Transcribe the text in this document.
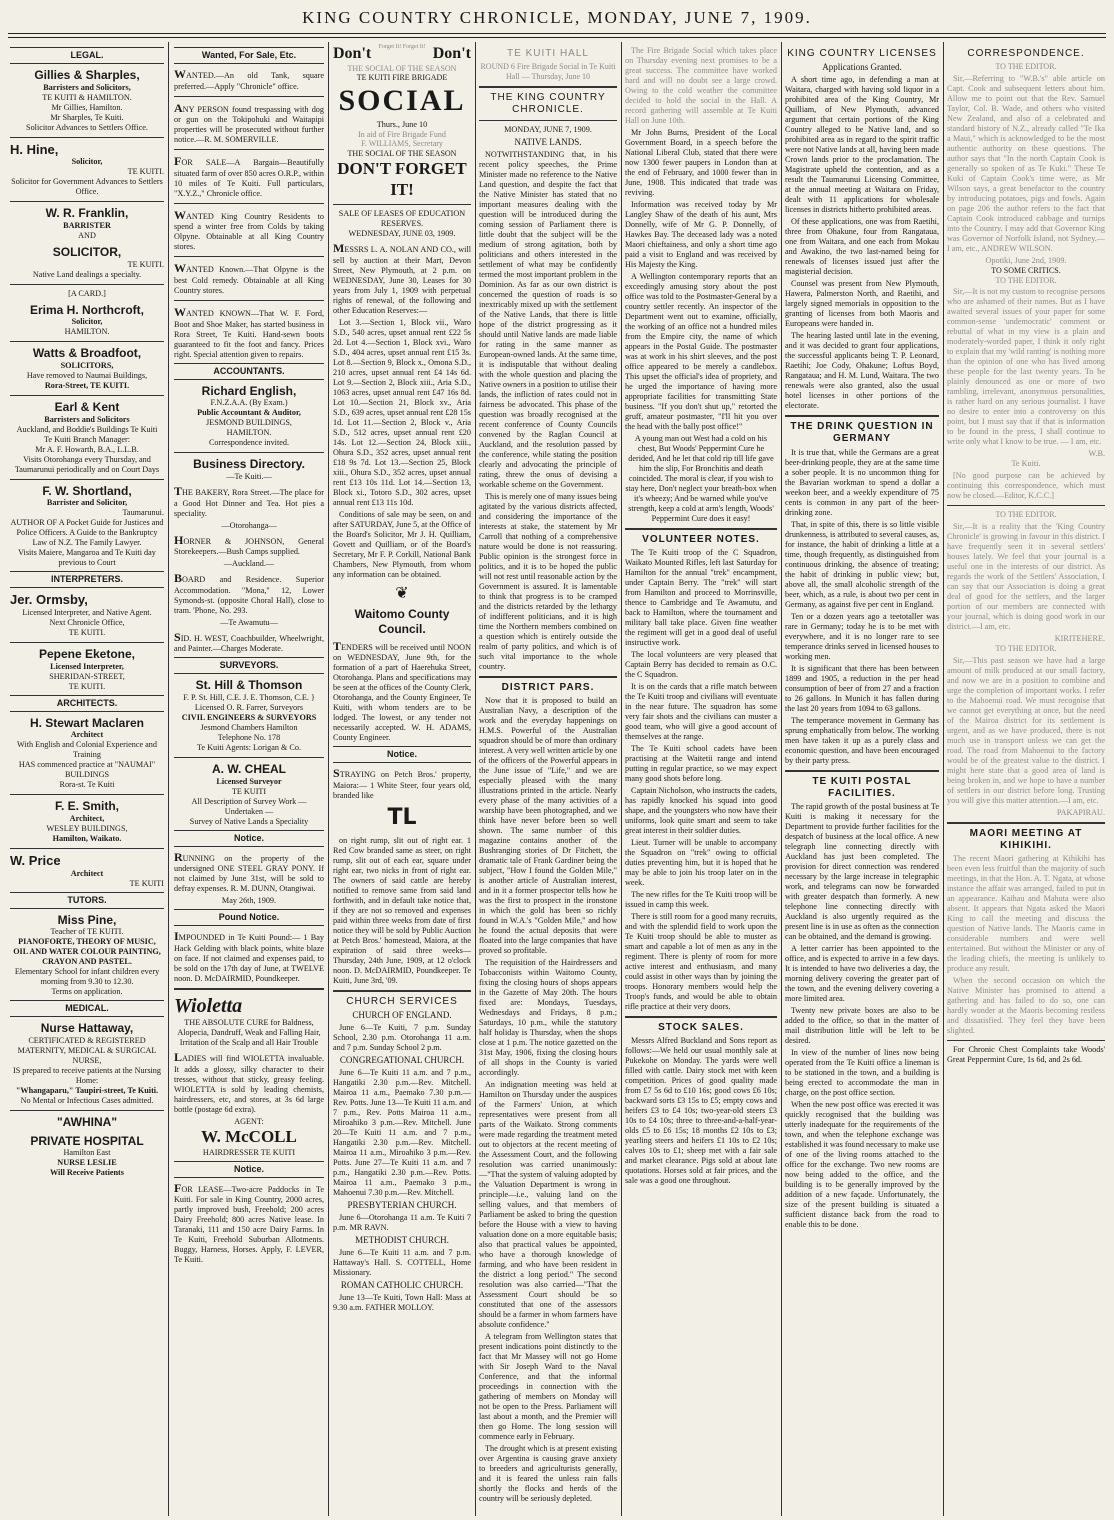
KING COUNTRY CHRONICLE, MONDAY, JUNE 7, 1909.
LEGAL.
Gillies & Sharples,
Barristers and Solicitors,
TE KUITI & HAMILTON.
Mr Gillies, Hamilton.
Mr Sharples, Te Kuiti.
Solicitor Advances to Settlers Office.
H. Hine,
Solicitor,
TE KUITI.
Solicitor for Government Advances to Settlers Office.
W. R. Franklin,
BARRISTER
AND
SOLICITOR,
TE KUITI.
Native Land dealings a specialty.
[A CARD.]
Erima H. Northcroft,
Solicitor,
HAMILTON.
Watts & Broadfoot,
SOLICITORS,
Have removed to Naumai Buildings,
Rora-Street, TE KUITI.
Earl & Kent
Barristers and Solicitors
Auckland, and Boddie's Buildings Te Kuiti
Te Kuiti Branch Manager:
Mr A. F. Howarth, B.A., L.L.B.
Visits Otorohanga every Thursday, and Taumarunui periodically and on Court Days
F. W. Shortland,
Barrister and Solicitor,
Taumarunui.
AUTHOR OF A Pocket Guide for Justices and Police Officers. A Guide to the Bankruptcy Law of N.Z. The Family Lawyer.
Visits Maiere, Mangaroa and Te Kuiti day previous to Court
INTERPRETERS.
Jer. Ormsby,
Licensed Interpreter, and Native Agent.
Next Chronicle Office,
TE KUITI.
Pepene Eketone,
Licensed Interpreter,
SHERIDAN-STREET,
TE KUITI.
ARCHITECTS.
H. Stewart Maclaren
Architect
With English and Colonial Experience and Training
HAS commenced practice at "NAUMAI" BUILDINGS
Rora-st. Te Kuiti
F. E. Smith,
Architect,
WESLEY BUILDINGS,
Hamilton, Waikato.
W. Price
Architect
TE KUITI
TUTORS.
Miss Pine,
Teacher of TE KUITI.
PIANOFORTE, THEORY OF MUSIC, OIL AND WATER COLOUR PAINTING, CRAYON AND PASTEL.
Elementary School for infant children every morning from 9.30 to 12.30.
Terms on application.
MEDICAL.
Nurse Hattaway,
CERTIFICATED & REGISTERED MATERNITY, MEDICAL & SURGICAL NURSE,
IS prepared to receive patients at the Nursing Home:
"Whangaparu," Taupiri-street, Te Kuiti.
No Mental or Infectious Cases admitted.
"AWHINA"
PRIVATE HOSPITAL
Hamilton East
NURSE LESLIE
Will Receive Patients
Wanted, For Sale, Etc.
WANTED.—An old Tank, square preferred.—Apply "Chronicle" office.
ANY PERSON found trespassing with dog or gun on the Tokipohuki and Waitapipi properties will be prosecuted without further notice.—R. M. SOMERVILLE.
FOR SALE—A Bargain—Beautifully situated farm of over 850 acres O.R.P., within 10 miles of Te Kuiti. Full particulars, "X.Y.Z.," Chronicle office.
WANTED King Country Residents to spend a winter free from Colds by taking Olpyne. Obtainable at all King Country stores.
WANTED Known.—That Olpyne is the best Cold remedy. Obtainable at all King Country stores.
WANTED KNOWN—That W. F. Ford, Boot and Shoe Maker, has started business in Rora Street, Te Kuiti. Hand-sewn boots guaranteed to fit the foot and fancy. Prices right. Special attention given to repairs.
ACCOUNTANTS.
Richard English,
F.N.Z.A.A. (By Exam.)
Public Accountant & Auditor,
JESMOND BUILDINGS,
HAMILTON.
Correspondence invited.
Business Directory.
—Te Kuiti.—
THE BAKERY, Rora Street.—The place for a Good Hot Dinner and Tea. Hot pies a speciality.
—Otorohanga—
HORNER & JOHNSON, General Storekeepers.—Bush Camps supplied.
—Auckland.—
BOARD and Residence. Superior Accommodation. "Mona," 12, Lower Symonds-st. (opposite Choral Hall), close to tram. 'Phone, No. 293.
—Te Awamutu—
SID. H. WEST, Coachbuilder, Wheelwright, and Painter.—Charges Moderate.
SURVEYORS.
St. Hill & Thomson
F. P. St. Hill, C.E. J. E. Thomson, C.E. } Licensed O. R. Farrer, Surveyors
CIVIL ENGINEERS & SURVEYORS
Jesmond Chambers Hamilton
Telephone No. 178
Te Kuiti Agents: Lorigan & Co.
A. W. CHEAL
Licensed Surveyor
TE KUITI
All Description of Survey Work — Undertaken —
Survey of Native Lands a Speciality
Notice.
RUNNING on the property of the undersigned ONE STEEL GRAY PONY. If not claimed by June 31st, will be sold to defray expenses. R. M. DUNN, Otangiwai.
May 26th, 1909.
Pound Notice.
IMPOUNDED in Te Kuiti Pound:— 1 Bay Hack Gelding with black points, white blaze on face. If not claimed and expenses paid, to be sold on the 17th day of June, at TWELVE noon. D. McDAIRMID, Poundkeeper.
Wioletta
THE ABSOLUTE CURE for Baldness, Alopecia, Dandruff, Weak and Falling Hair, Irritation of the Scalp and all Hair Trouble
LADIES will find WIOLETTA invaluable. It adds a glossy, silky character to their tresses, without that sticky, greasy feeling. WIOLETTA is sold by leading chemists, hairdressers, etc, and stores, at 3s 6d large bottle (postage 6d extra).
AGENT:
W. McCOLL
HAIRDRESSER TE KUITI
Notice.
FOR LEASE—Two-acre Paddocks in Te Kuiti. For sale in King Country, 2000 acres, partly improved bush, Freehold; 200 acres Dairy Freehold; 800 acres Native lease. In Taranaki, 111 and 150 acre Dairy Farms. In Te Kuiti, Freehold Suburban Allotments. Buggy, Harness, Horses. Apply, F. LEVER, Te Kuiti.
Don't Forget It! Forget It! Don't
THE SOCIAL OF THE SEASON
TE KUITI FIRE BRIGADE
SOCIAL
Thurs., June 10
In aid of Fire Brigade Fund
F. WILLIAMS, Secretary
THE SOCIAL OF THE SEASON
DON'T FORGET IT!
SALE OF LEASES OF EDUCATION RESERVES.
WEDNESDAY, JUNE 03, 1909.
MESSRS L. A. NOLAN AND CO., will sell by auction at their Mart, Devon Street, New Plymouth, at 2 p.m. on WEDNESDAY, June 30, Leases for 30 years from July 1, 1909 with perpetual rights of renewal, of the following and other Education Reserves:—

Lot 3.—Section 1, Block vii., Waro S.D., 540 acres, upset annual rent £22 5s 2d. Lot 4.—Section 1, Block xvi., Waro S.D., 404 acres, upset annual rent £15 3s. Lot 8.—Section 9, Block x., Omona S.D., 210 acres, upset annual rent £4 14s 6d. Lot 9.—Section 2, Block xiii., Aria S.D., 1063 acres, upset annual rent £47 16s 8d. Lot 10.—Section 21, Block xv., Aria S.D., 639 acres, upset annual rent £28 15s 1d. Lot 11.—Section 2, Block v., Aria S.D., 512 acres, upset annual rent £20 14s. Lot 12.—Section 24, Block xiii., Ohura S.D., 352 acres, upset annual rent £18 9s 7d. Lot 13.—Section 25, Block xiii., Ohura S.D., 352 acres, upset annual rent £13 10s 11d. Lot 14.—Section 13, Block xi., Totoro S.D., 302 acres, upset annual rent £13 11s 10d.

Conditions of sale may be seen, on and after SATURDAY, June 5, at the Office of the Board's Solicitor, Mr J. H. Quilliam, Govett and Quilliam, or of the Board's Secretary, Mr F. P. Corkill, National Bank Chambers, New Plymouth, from whom any information can be obtained.

❦
Waitomo County Council.
TENDERS will be received until NOON on WEDNESDAY, June 9th, for the formation of a part of Haerehuka Street, Otorohanga. Plans and specifications may be seen at the offices of the County Clerk, Otorohanga, and the County Engineer, Te Kuiti, with whom tenders are to be lodged. The lowest, or any tender not necessarily accepted. W. H. ADAMS, County Engineer.
Notice.
STRAYING on Petch Bros.' property, Maiora:— 1 White Steer, four years old, branded like
TL

on right rump, slit out of right ear. 1 Red Cow branded same as steer, on right rump, slit out of each ear, square under right ear, two nicks in front of right ear. The owners of said cattle are hereby notified to remove same from said land forthwith, and in default take notice that, if they are not so removed and expenses paid within three weeks from date of first notice they will be sold by Public Auction at Petch Bros.' homestead, Maiora, at the expiration of said three weeks—Thursday, 24th June, 1909, at 12 o'clock noon. D. McDAIRMID, Poundkeeper. Te Kuiti, June 3rd, '09.

CHURCH SERVICES
CHURCH OF ENGLAND.

June 6—Te Kuiti, 7 p.m. Sunday School, 2.30 p.m. Otorohanga 11 a.m. and 7 p.m. Sunday School 2 p.m.

CONGREGATIONAL CHURCH.

June 6—Te Kuiti 11 a.m. and 7 p.m., Hangatiki 2.30 p.m.—Rev. Mitchell. Mairoa 11 a.m., Paemako 7.30 p.m.—Rev. Potts. June 13—Te Kuiti 11 a.m. and 7 p.m., Rev. Potts Mairoa 11 a.m., Miroahiko 3 p.m.—Rev. Mitchell. June 20—Te Kuiti 11 a.m. and 7 p.m., Hangatiki 2.30 p.m.—Rev. Mitchell. Mairoa 11 a.m., Miroahiko 3 p.m.—Rev. Potts. June 27—Te Kuiti 11 a.m. and 7 p.m., Hangatiki 2.30 p.m.—Rev. Potts. Mairoa 11 a.m., Paemako 3 p.m., Mahoenui 7.30 p.m.—Rev. Mitchell.

PRESBYTERIAN CHURCH.

June 6—Otorohanga 11 a.m. Te Kuiti 7 p.m. MR RAVN.

METHODIST CHURCH.

June 6—Te Kuiti 11 a.m. and 7 p.m. Hattaway's Hall. S. COTTELL, Home Missionary.

ROMAN CATHOLIC CHURCH.

June 13—Te Kuiti, Town Hall: Mass at 9.30 a.m. FATHER MOLLOY.

TE KUITI HALL
ROUND 6 Fire Brigade Social in Te Kuiti Hall — Thursday, June 10
THE KING COUNTRY CHRONICLE.
MONDAY, JUNE 7, 1909.
NATIVE LANDS.

NOTWITHSTANDING that, in his recent policy speeches, the Prime Minister made no reference to the Native Land question, and despite the fact that the Native Minister has stated that no important measures dealing with the question will be introduced during the coming session of Parliament there is little doubt that the subject will be the medium of strong agitation, both by politicians and others interested in the settlement of what may be confidently termed the most important problem in the Dominion. As far as our own district is concerned the question of roads is so inextricably mixed up with the settlement of the Native Lands, that there is little hope of the district progressing as it should until Native lands are made liable for rating in the same manner as European-owned lands. At the same time, it is indisputable that without dealing with the whole question and placing the Native owners in a position to utilise their lands, the infliction of rates could not in fairness be advocated. This phase of the question was broadly recognised at the recent conference of County Councils convened by the Raglan Council at Auckland, and the resolution passed by the conference, while stating the position clearly and advocating the principle of rating, threw the onus of devising a workable scheme on the Government.

This is merely one of many issues being agitated by the various districts affected, and considering the importance of the interests at stake, the statement by Mr Carroll that nothing of a comprehensive nature would be done is not reassuring. Public opinion is the strongest force in politics, and it is to be hoped the public will not rest until reasonable action by the Government is assured. It is lamentable to think that progress is to be cramped and the districts retarded by the lethargy of indifferent politicians, and it is high time the Northern members combined on a question which is entirely outside the realm of party politics, and which is of such vital importance to the whole country.

DISTRICT PARS.

Now that it is proposed to build an Australian Navy, a description of the work and the everyday happenings on H.M.S. Powerful of the Australian squadron should be of more than ordinary interest. A very well written article by one of the officers of the Powerful appears in the June issue of "Life," and we are especially pleased with the many illustrations printed in the article. Nearly every phase of the many activities of a warship have been photographed, and we think have never before been so well shown. The same number of this magazine contains another of the Bushranging stories of Dr Fitchett, the dramatic tale of Frank Gardiner being the subject, "How I found the Golden Mile," is another article of Australian interest, and in it a former prospector tells how he was the first to prospect in the ironstone in which the gold has been so richly found in W.A.'s "Golden Mile," and how he found the actual deposits that were floated into the large companies that have proved so profitable.

The requisition of the Hairdressers and Tobacconists within Waitomo County, fixing the closing hours of shops appears in the Gazette of May 20th. The hours fixed are: Mondays, Tuesdays, Wednesdays and Fridays, 8 p.m.; Saturdays, 10 p.m., while the statutory half holiday is Thursday, when the shops close at 1 p.m. The notice gazetted on the 31st May, 1906, fixing the closing hours of all shops in the County is varied accordingly.

An indignation meeting was held at Hamilton on Thursday under the auspices of the Farmers' Union, at which representatives were present from all parts of the Waikato. Strong comments were made regarding the treatment meted out to objectors at the recent meeting of the Assessment Court, and the following resolution was carried unanimously:—"That the system of valuing adopted by the Valuation Department is wrong in principle—i.e., valuing land on the selling values, and that members of Parliament be asked to bring the question before the House with a view to having valuation done on a more equitable basis; also that practical values be appointed, who have a thorough knowledge of farming, and who have been resident in the district a long period." The second resolution was also carried—"That the Assessment Court should be so constituted that one of the assessors should be a farmer in whom farmers have absolute confidence."

A telegram from Wellington states that present indications point distinctly to the fact that Mr Massey will not go Home with Sir Joseph Ward to the Naval Conference, and that the informal proceedings in connection with the gathering of members on Monday will not be open to the Press. Parliament will last about a month, and the Premier will then go Home. The long session will commence early in February.

The drought which is at present existing over Argentina is causing grave anxiety to breeders and agriculturists generally, and it is feared the unless rain falls shortly the flocks and herds of the country will be seriously depleted.

The Fire Brigade Social which takes place on Thursday evening next promises to be a great success. The committee have worked hard and will no doubt see a large crowd. Owing to the cold weather the committee decided to hold the social in the Hall. A record gathering will assemble at Te Kuiti Hall on June 10th.

Mr John Burns, President of the Local Government Board, in a speech before the National Liberal Club, stated that there were now 1300 fewer paupers in London than at the end of February, and 1000 fewer than in June, 1908. This indicated that trade was reviving.

Information was received today by Mr Langley Shaw of the death of his aunt, Mrs Donnelly, wife of Mr G. P. Donnelly, of Hawkes Bay. The deceased lady was a noted Maori chieftainess, and only a short time ago paid a visit to England and was received by His Majesty the King.

A Wellington contemporary reports that an exceedingly amusing story about the post office was told to the Postmaster-General by a country settler recently. An inspector of the Department went out to examine, officially, the working of an office not a hundred miles from the Empire city, the name of which appears in the Postal Guide. The postmaster was at work in his shirt sleeves, and the post office appeared to be merely a candlebox. This upset the official's idea of propriety, and he urged the importance of having more appropriate facilities for transmitting State business. "If you don't shut up," retorted the gruff, amateur postmaster, "I'll hit you over the head with the bally post office!"

A young man out West had a cold on his chest, But Woods' Peppermint Cure he derided, And he let that cold rip till life gave him the slip, For Bronchitis and death coincided. The moral is clear, if you wish to stay here, Don't neglect your breath-box when it's wheezy; And be warned while you've strength, keep a cold at arm's length, Woods' Peppermint Cure does it easy!
VOLUNTEER NOTES.

The Te Kuiti troop of the C Squadron, Waikato Mounted Rifles, left last Saturday for Hamilton for the annual "trek" encampment, under Captain Berry. The "trek" will start from Hamilton and proceed to Morrinsville, thence to Cambridge and Te Awamutu, and back to Hamilton, where the tournament and military ball take place. Given fine weather the regiment will get in a good deal of useful instructive work.

The local volunteers are very pleased that Captain Berry has decided to remain as O.C. the C Squadron.

It is on the cards that a rifle match between the Te Kuiti troop and civilians will eventuate in the near future. The squadron has some very fair shots and the civilians can muster a good team, who will give a good account of themselves at the range.

The Te Kuiti school cadets have been practising at the Waitetii range and intend putting in regular practice, so we may expect many good shots before long.

Captain Nicholson, who instructs the cadets, has rapidly knocked his squad into good shape, and the youngsters who now have their uniforms, look quite smart and seem to take great interest in their soldier duties.

Lieut. Turner will be unable to accompany the Squadron on "trek" owing to official duties preventing him, but it is hoped that he may be able to join his troop later on in the week.

The new rifles for the Te Kuiti troop will be issued in camp this week.

There is still room for a good many recruits, and with the splendid field to work upon the Te Kuiti troop should be able to muster as smart and capable a lot of men as any in the regiment. There is plenty of room for more active interest and enthusiasm, and many could assist in other ways than by joining the troops. Honorary members would help the Troop's funds, and would be able to obtain rifle practice at their very doors.

STOCK SALES.

Messrs Alfred Buckland and Sons report as follows:—We held our usual monthly sale at Pukekohe on Monday. The yards were well filled with cattle. Dairy stock met with keen competition. Prices of good quality made from £7 5s 6d to £10 16s; good cows £6 10s; backward sorts £3 15s to £5; empty cows and heifers £3 to £4 10s; two-year-old steers £3 10s to £4 10s; three to three-and-a-half-year-olds £5 to £6 15s; 18 months £2 10s to £3; yearling steers and heifers £1 10s to £2 10s; calves 10s to £1; sheep met with a fair sale and market clearance. Pigs sold at about late quotations. Horses sold at fair prices, and the sale was a good one throughout.

KING COUNTRY LICENSES
Applications Granted.

A short time ago, in defending a man at Waitara, charged with having sold liquor in a prohibited area of the King Country, Mr Quilliam, of New Plymouth, advanced argument that certain portions of the King Country alleged to be Native land, and so prohibited area as in regard to the spirit traffic were not Native lands at all, having been made Crown lands prior to the proclamation. The Magistrate upheld the contention, and as a result the Taumarunui Licensing Committee, at the annual meeting at Waitara on Friday, dealt with 11 applications for wholesale licenses in districts hitherto prohibited areas.

Of these applications, one was from Raetihi, three from Ohakune, four from Rangataua, one from Waitara, and one each from Mokau and Awakino, the two last-named being for renewals of licenses issued just after the magisterial decision.

Counsel was present from New Plymouth, Hawera, Palmerston North, and Raetihi, and largely signed memorials in opposition to the granting of licenses from both Maoris and Europeans were handed in.

The hearing lasted until late in the evening, and it was decided to grant four applications, the successful applicants being T. P. Leonard, Raetihi; Joe Cody, Ohakune; Loftus Boyd, Rangataua; and H. M. Lund, Waitara. The two renewals were also granted, also the usual hotel licenses in other portions of the electorate.

THE DRINK QUESTION IN GERMANY

It is true that, while the Germans are a great beer-drinking people, they are at the same time a sober people. It is no uncommon thing for the Bavarian workman to spend a dollar a weekon beer, and a weekly expenditure of 75 cents is common in any part of the beer-drinking zone.

That, in spite of this, there is so little visible drunkenness, is attributed to several causes, as, for instance, the habit of drinking a little at a time, though frequently, as distinguished from continuous drinking, the absence of treating; the habit of drinking in public view; but, above all, the small alcoholic strength of the beer, which, as a rule, is about two per cent in Germany, as against five per cent in England.

Ten or a dozen years ago a teetotaller was rare in Germany; today he is to be met with everywhere, and it is no longer rare to see temperance drinks served in licensed houses to working men.

It is significant that there has been between 1899 and 1905, a reduction in the per head consumption of beer of from 27 and a fraction to 26 gallons. In Munich it has fallen during the last 20 years from 1094 to 63 gallons.

The temperance movement in Germany has sprung emphatically from below. The working men have taken it up as a purely class and economic question, and have been encouraged by their party press.

TE KUITI POSTAL FACILITIES.

The rapid growth of the postal business at Te Kuiti is making it necessary for the Department to provide further facilities for the despatch of business at the local office. A new telegraph line connecting directly with Auckland has just been completed. The provision for direct connection was rendered necessary by the large increase in telegraphic work, and telegrams can now be forwarded with greater despatch than formerly. A new telephone line connecting directly with Auckland is also urgently required as the present line is in use as often as the connection can be obtained, and the demand is growing.

A letter carrier has been appointed to the office, and is expected to arrive in a few days. It is intended to have two deliveries a day, the morning delivery covering the greater part of the town, and the evening delivery covering a more limited area.

Twenty new private boxes are also to be added to the office, so that in the matter of mail distribution little will be left to be desired.

In view of the number of lines now being operated from the Te Kuiti office a lineman is to be stationed in the town, and a building is being erected to accommodate the man in charge, on the post office section.

When the new post office was erected it was quickly recognised that the building was utterly inadequate for the requirements of the town, and when the telephone exchange was established it was found necessary to make use of one of the living rooms attached to the office for the exchange. Two new rooms are now being added to the office, and the building is to be generally improved by the addition of a new façade. Unfortunately, the size of the present building is situated a sufficient distance back from the road to enable this to be done.

CORRESPONDENCE.
TO THE EDITOR.

Sir,—Referring to "W.B.'s" able article on Capt. Cook and subsequent letters about him. Allow me to point out that the Rev. Samuel Taylor, Col. B. Wade, and others who visited New Zealand, and also of a celebrated and standard history of N.Z., already called "Te Ika a Maui," which is acknowledged to be the most authentic authority on these questions. The author says that "In the north Captain Cook is generally so spoken of as Te Kuki." These Te Kuki of Captain Cook's time were, as Mr Wilson says, a great benefactor to the country by introducing potatoes, pigs and fowls. Again on page 206 the author refers to the fact that Captain Cook introduced cabbage and turnips into the Country. I may add that Governor King was Governor of Norfolk Island, not Sydney.—I am, etc., ANDREW WILSON.

Opotiki, June 2nd, 1909.
TO SOME CRITICS.
TO THE EDITOR.

Sir,—It is not my custom to recognise persons who are ashamed of their names. But as I have awaited several issues of your paper for some common-sense 'undemocratic' comment or rebuttal of what in my view is a plain and moderately-worded paper, I think it only right to explain that my 'wild ranting' is nothing more than the opinion of one who has lived among these people for the last twenty years. To be plainly denounced as one or more of two rambling, irrelevant, anonymous personalities, is rather hard on any serious journalist. I have no desire to enter into a controversy on this point, but I must say that if that is information to be found in the press, I shall continue to write only what I know to be true. — I am, etc.

W.B.
Te Kuiti.

[No good purpose can be achieved by continuing this correspondence, which must now be closed.—Editor, K.C.C.]

TO THE EDITOR.

Sir,—It is a reality that the 'King Country Chronicle' is growing in favour in this district. I have frequently seen it in several settlers' houses lately. We feel that your journal is a useful one in the interests of our district. As regards the work of the Settlers' Association, I can say that our Association is doing a great deal of good for the settlers, and the larger portion of our members are connected with your journal, which is doing good work in our district.—I am, etc.

KIRITEHERE.
TO THE EDITOR.

Sir,—This past season we have had a large amount of milk produced at our small factory, and now we are in a position to combine and urge the completion of important works. I refer to the Mahoenui road. We must recognise that we cannot get everything at once, but the need of the Mairoa district for its settlement is urgent, and as we have produced, there is not much use in transport unless we can get the road. The road from Mahoenui to the factory would be of the greatest value to the district. I might here state that a good area of land is being broken in, and we hope to have a number of settlers in our district before long. Trusting you will give this matter attention.—I am, etc.

PAKAPIRAU.
MAORI MEETING AT KIHIKIHI.

The recent Maori gathering at Kihikihi has been even less fruitful than the majority of such meetings, in that the Hon. A. T. Ngata, at whose instance the affair was arranged, failed to put in an appearance. Kaihau and Mahuta were also absent. It appears that Ngata asked the Maori King to call the meeting and discuss the question of Native lands. The Maoris came in considerable numbers and were well entertained. But without the Minister or any of the leading chiefs, the meeting is unlikely to produce any result.

When the second occasion on which the Native Minister has promised to attend a gathering and has failed to do so, one can hardly wonder at the Maoris becoming restless and dissatisfied. They feel they have been slighted.

For Chronic Chest Complaints take Woods' Great Peppermint Cure, 1s 6d, and 2s 6d.
